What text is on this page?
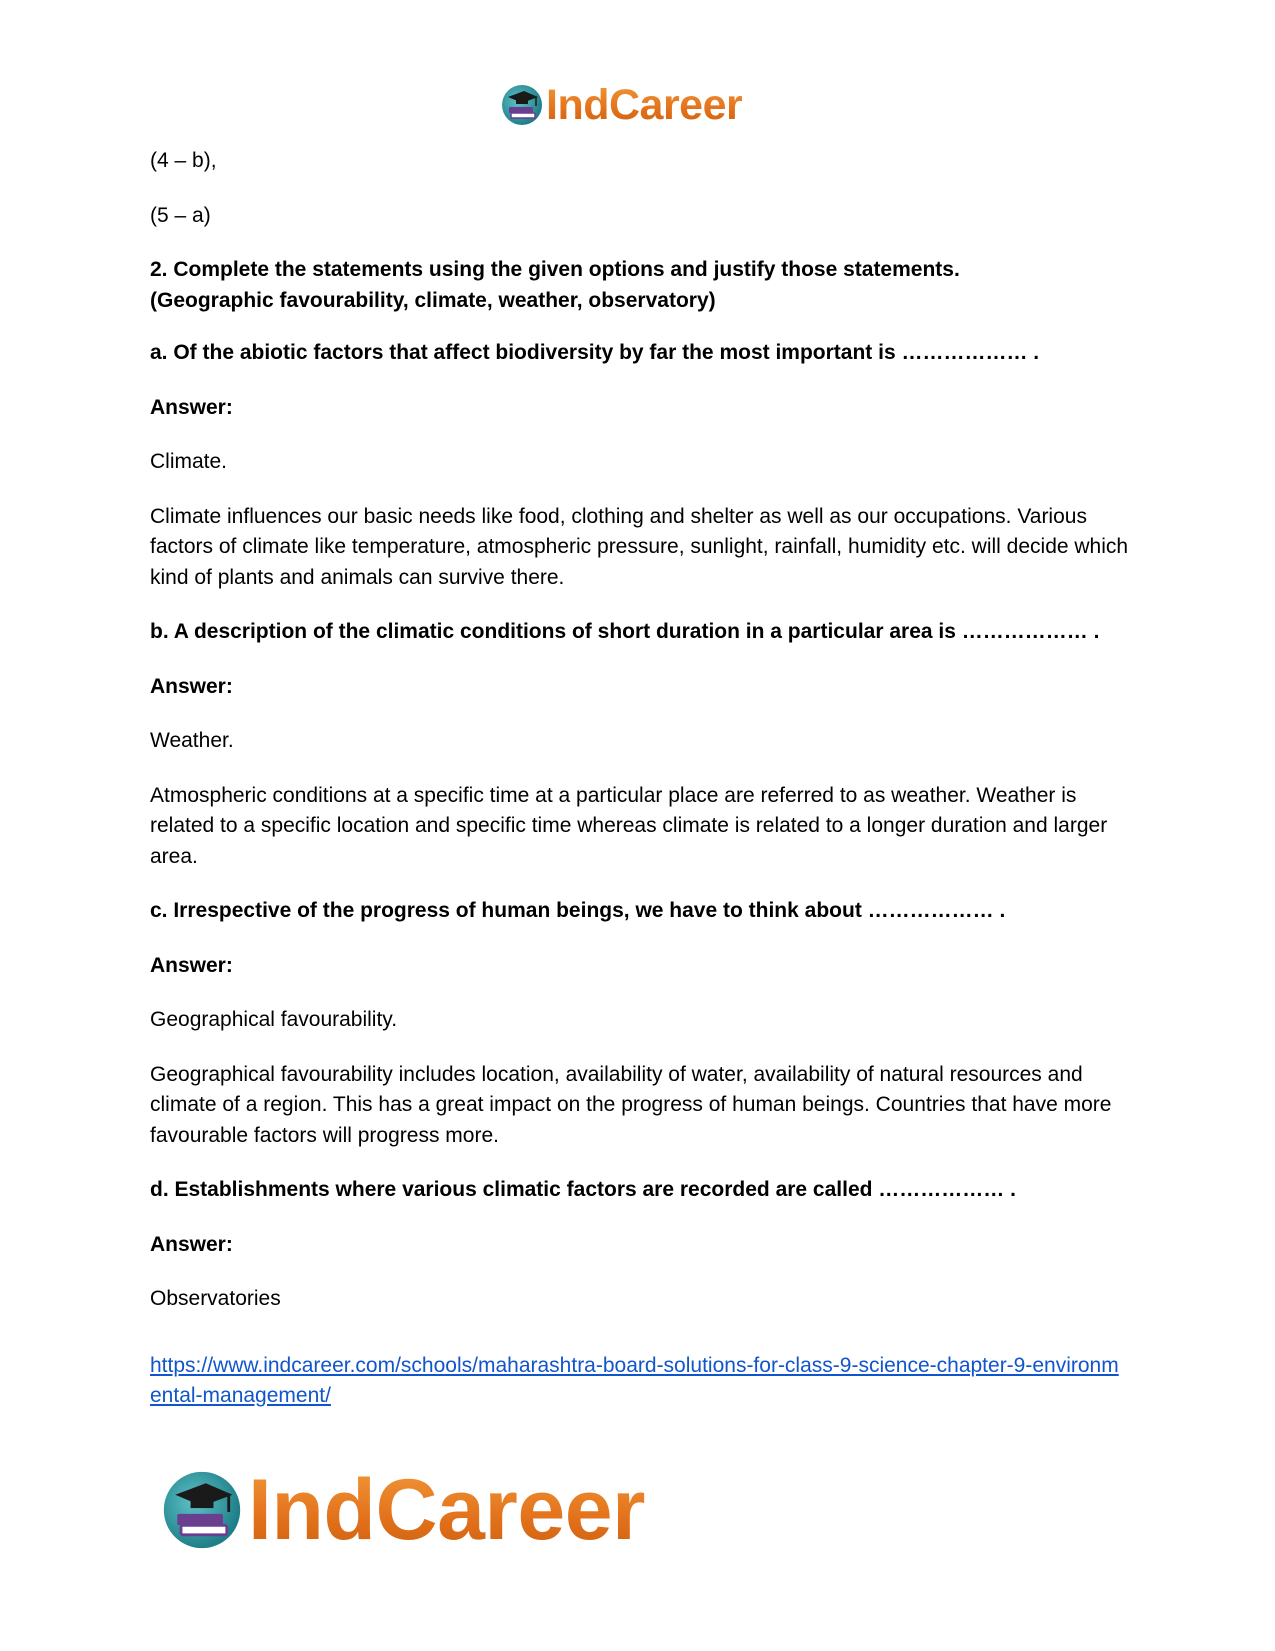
IndCareer

(4 – b),

(5 – a)

2. Complete the statements using the given options and justify those statements.
(Geographic favourability, climate, weather, observatory)

a. Of the abiotic factors that affect biodiversity by far the most important is ……………… .

Answer:

Climate.

Climate influences our basic needs like food, clothing and shelter as well as our occupations. Various factors of climate like temperature, atmospheric pressure, sunlight, rainfall, humidity etc. will decide which kind of plants and animals can survive there.

b. A description of the climatic conditions of short duration in a particular area is ……………… .

Answer:

Weather.

Atmospheric conditions at a specific time at a particular place are referred to as weather. Weather is related to a specific location and specific time whereas climate is related to a longer duration and larger area.

c. Irrespective of the progress of human beings, we have to think about ……………… .

Answer:

Geographical favourability.

Geographical favourability includes location, availability of water, availability of natural resources and climate of a region. This has a great impact on the progress of human beings. Countries that have more favourable factors will progress more.

d. Establishments where various climatic factors are recorded are called ……………… .

Answer:

Observatories

https://www.indcareer.com/schools/maharashtra-board-solutions-for-class-9-science-chapter-9-environmental-management/

IndCareer
